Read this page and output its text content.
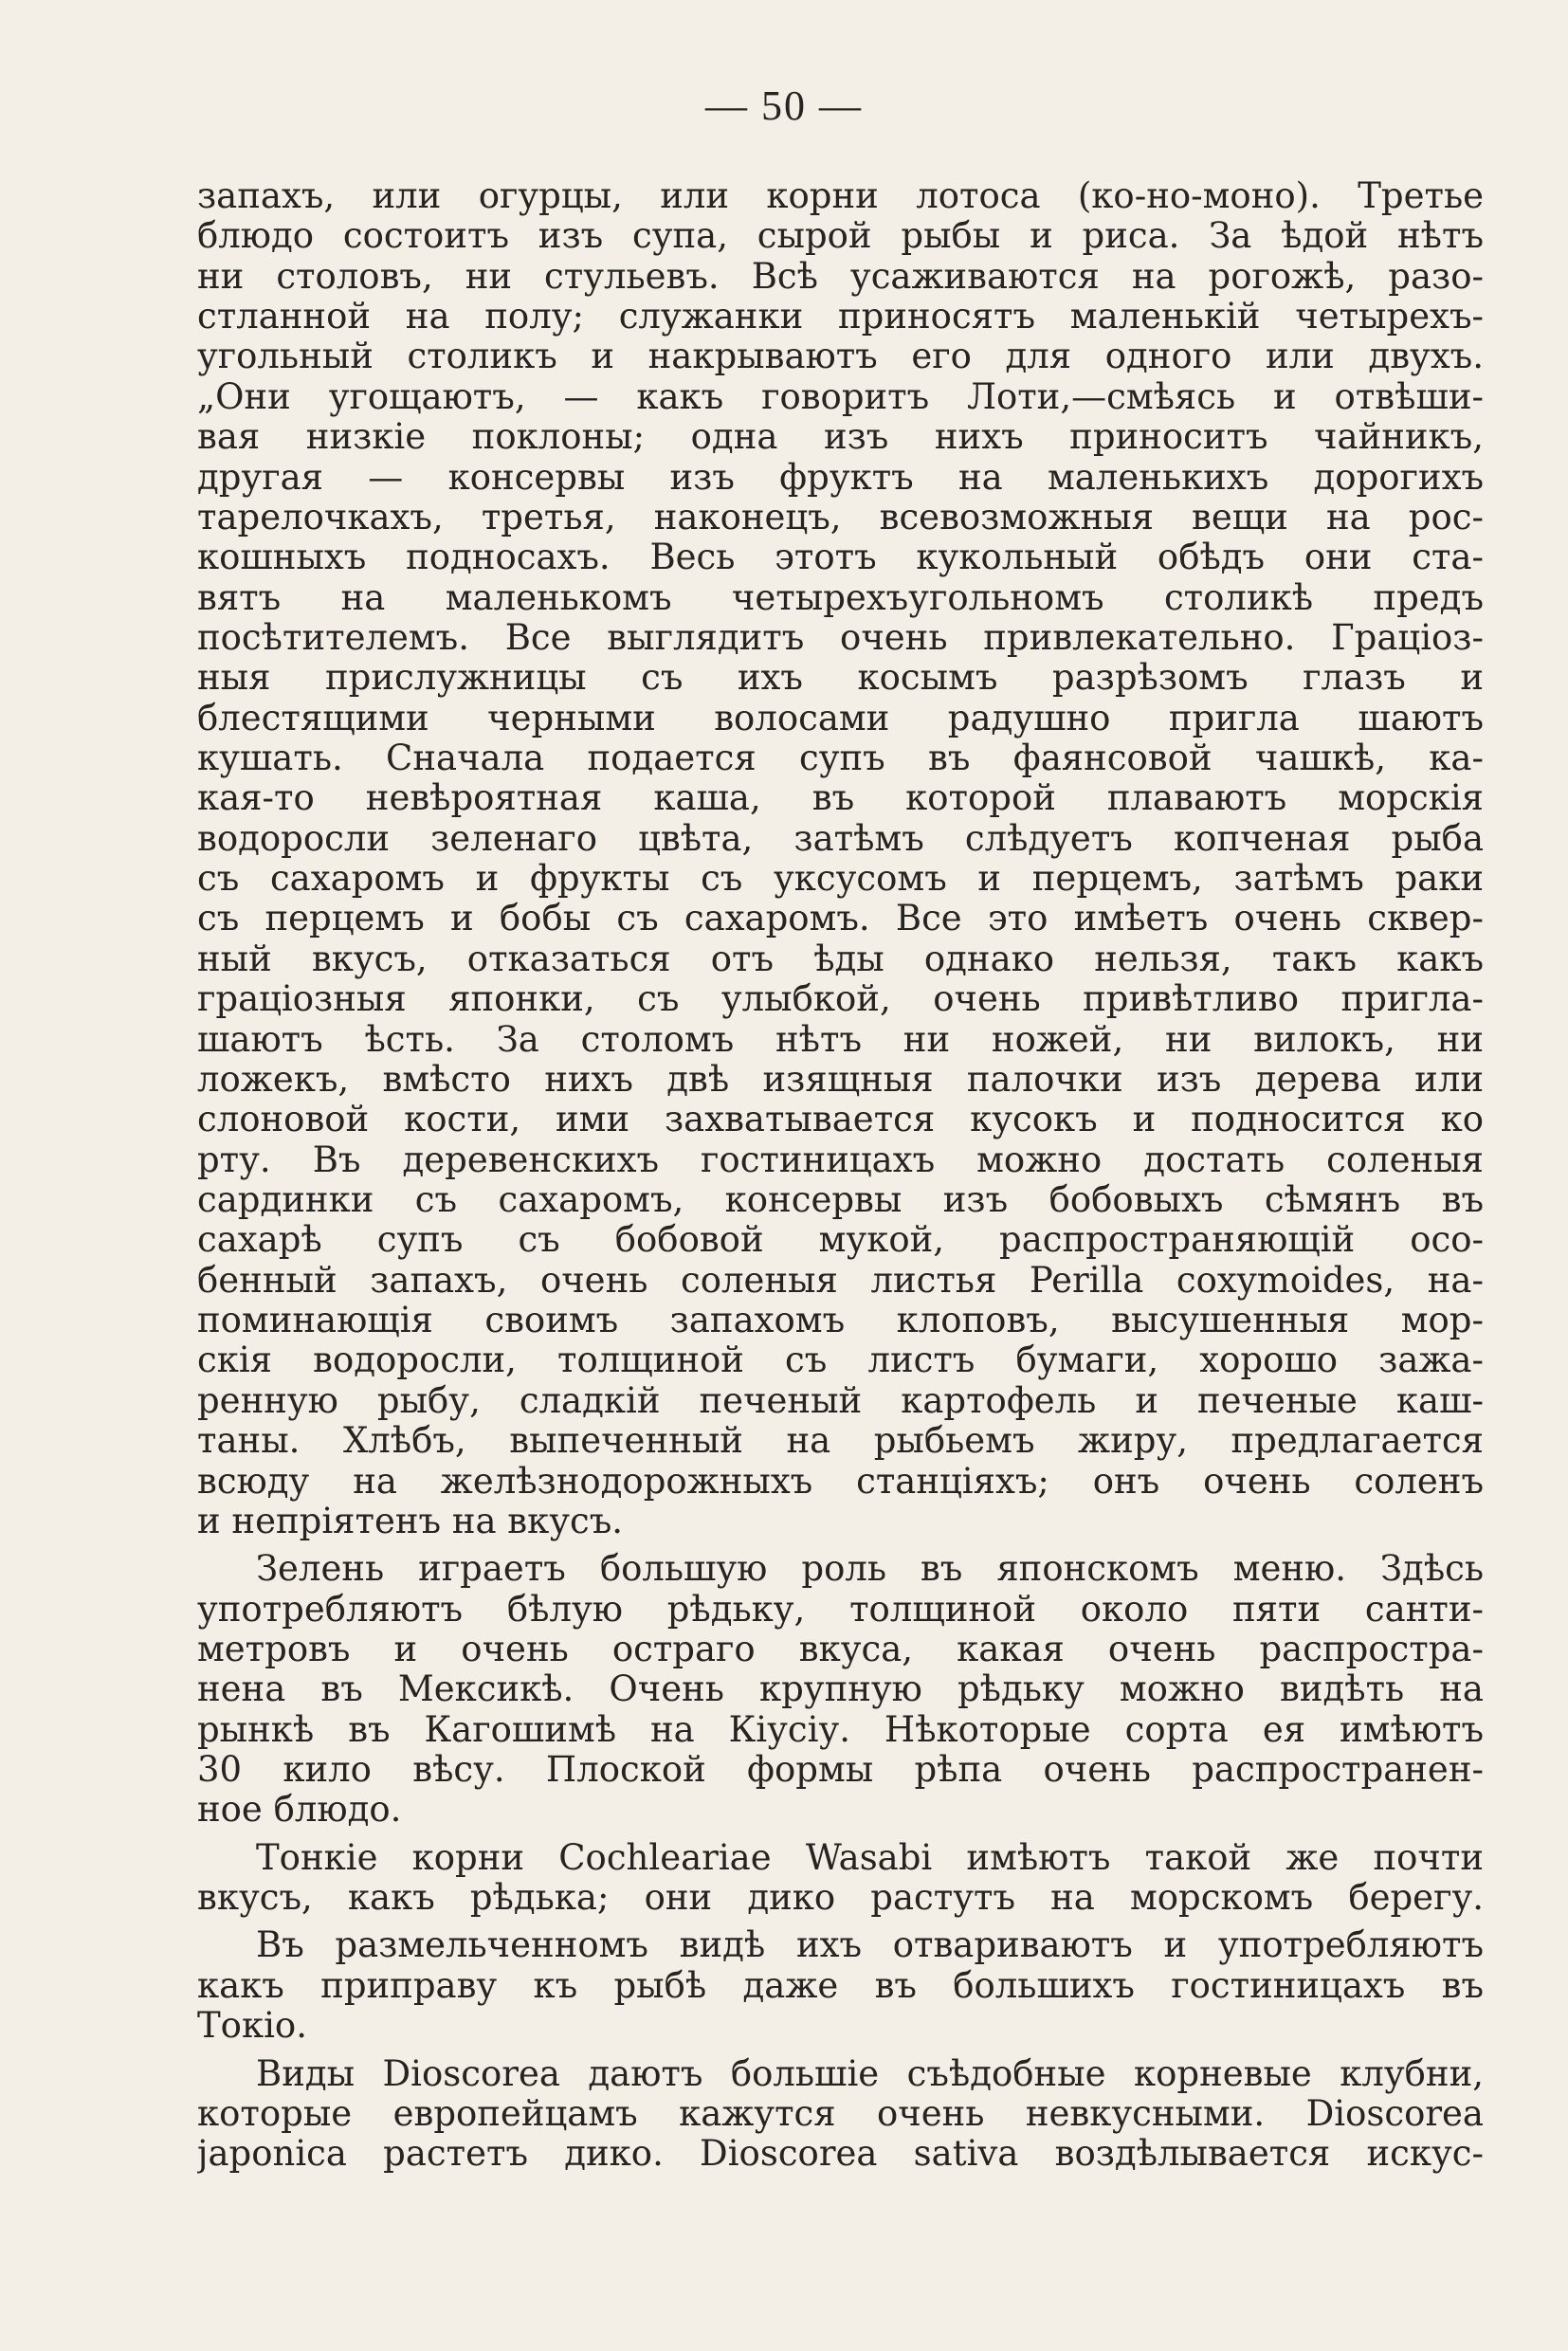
— 50 —
запахъ, или огурцы, или корни лотоса (ко-но-моно). Третье
блюдо состоитъ изъ супа, сырой рыбы и риса. За ѣдой нѣтъ
ни столовъ, ни стульевъ. Всѣ усаживаются на рогожѣ, разо-
стланной на полу; служанки приносятъ маленькiй четырехъ-
угольный столикъ и накрываютъ его для одного или двухъ.
„Они угощаютъ, — какъ говоритъ Лоти,—смѣясь и отвѣши-
вая низкiе поклоны; одна изъ нихъ приноситъ чайникъ,
другая — консервы изъ фруктъ на маленькихъ дорогихъ
тарелочкахъ, третья, наконецъ, всевозможныя вещи на рос-
кошныхъ подносахъ. Весь этотъ кукольный обѣдъ они ста-
вятъ на маленькомъ четырехъугольномъ столикѣ предъ
посѣтителемъ. Все выглядитъ очень привлекательно. Грацiоз-
ныя прислужницы съ ихъ косымъ разрѣзомъ глазъ и
блестящими черными волосами радушно пригла шаютъ
кушать. Сначала подается супъ въ фаянсовой чашкѣ, ка-
кая-то невѣроятная каша, въ которой плаваютъ морскiя
водоросли зеленаго цвѣта, затѣмъ слѣдуетъ копченая рыба
съ сахаромъ и фрукты съ уксусомъ и перцемъ, затѣмъ раки
съ перцемъ и бобы съ сахаромъ. Все это имѣетъ очень сквер-
ный вкусъ, отказаться отъ ѣды однако нельзя, такъ какъ
грацiозныя японки, съ улыбкой, очень привѣтливо пригла-
шаютъ ѣсть. За столомъ нѣтъ ни ножей, ни вилокъ, ни
ложекъ, вмѣсто нихъ двѣ изящныя палочки изъ дерева или
слоновой кости, ими захватывается кусокъ и подносится ко
рту. Въ деревенскихъ гостиницахъ можно достать соленыя
сардинки съ сахаромъ, консервы изъ бобовыхъ сѣмянъ въ
сахарѣ супъ съ бобовой мукой, распространяющiй осо-
бенный запахъ, очень соленыя листья Perilla coxymoides, на-
поминающiя своимъ запахомъ клоповъ, высушенныя мор-
скiя водоросли, толщиной съ листъ бумаги, хорошо зажа-
ренную рыбу, сладкiй печеный картофель и печеные каш-
таны. Хлѣбъ, выпеченный на рыбьемъ жиру, предлагается
всюду на желѣзнодорожныхъ станцiяхъ; онъ очень соленъ
и непрiятенъ на вкусъ.
Зелень играетъ большую роль въ японскомъ меню. Здѣсь
употребляютъ бѣлую рѣдьку, толщиной около пяти санти-
метровъ и очень остраго вкуса, какая очень распростра-
нена въ Мексикѣ. Очень крупную рѣдьку можно видѣть на
рынкѣ въ Кагошимѣ на Кiусiу. Нѣкоторые сорта ея имѣютъ
30 кило вѣсу. Плоской формы рѣпа очень распространен-
ное блюдо.
Тонкiе корни Cochleariae Wasabi имѣютъ такой же почти
вкусъ, какъ рѣдька; они дико растутъ на морскомъ берегу.
Въ размельченномъ видѣ ихъ отвариваютъ и употребляютъ
какъ приправу къ рыбѣ даже въ большихъ гостиницахъ въ
Токiо.
Виды Dioscorea даютъ большiе съѣдобные корневые клубни,
которые европейцамъ кажутся очень невкусными. Dioscorea
japonica растетъ дико. Dioscorea sativa воздѣлывается искус-
